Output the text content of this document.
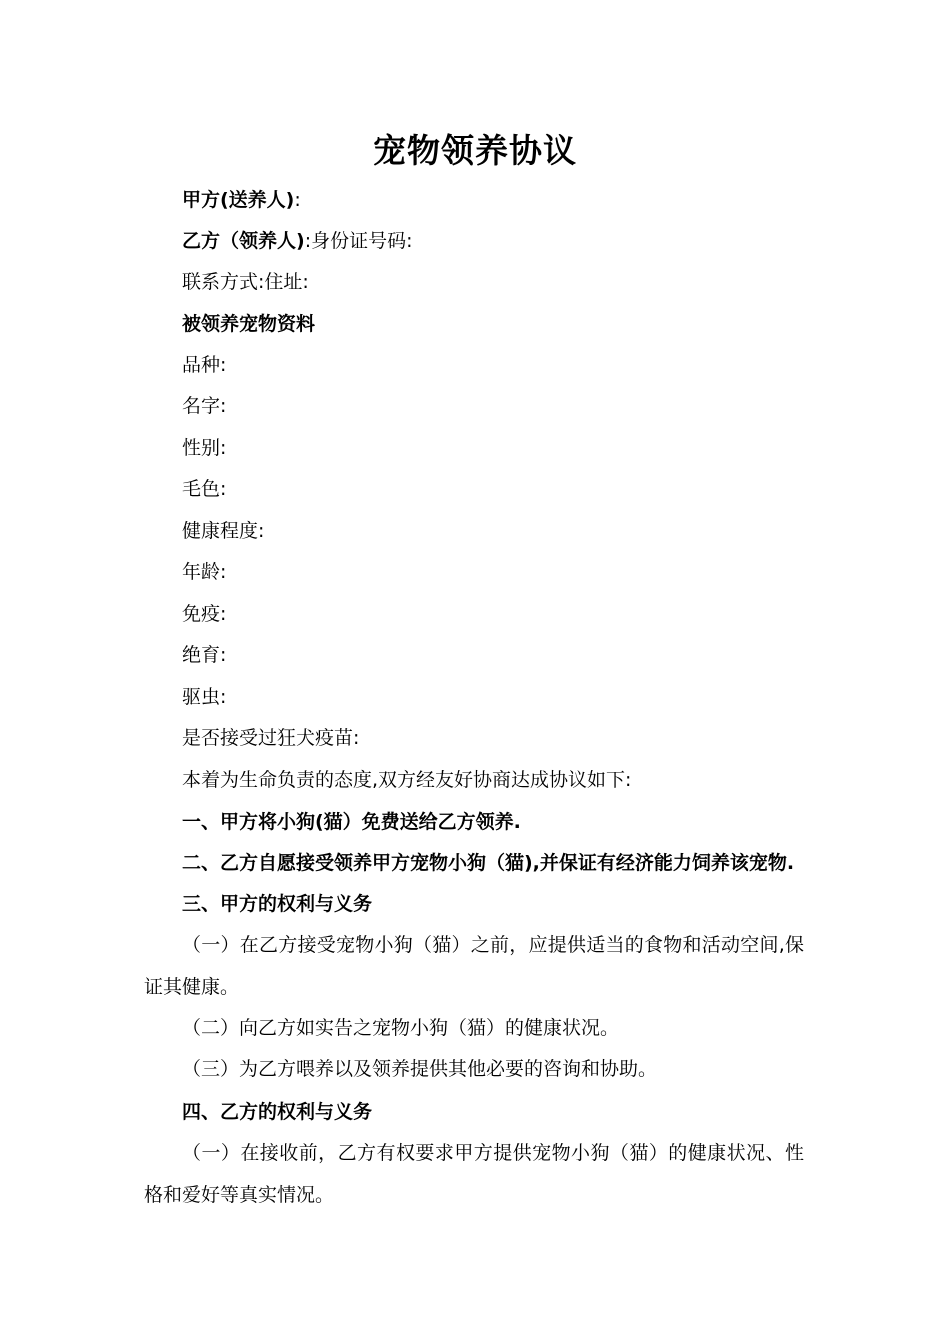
宠物领养协议
甲方(送养人):
乙方（领养人):身份证号码:
联系方式:住址:
被领养宠物资料
品种:
名字:
性别:
毛色:
健康程度:
年龄:
免疫:
绝育:
驱虫:
是否接受过狂犬疫苗:
本着为生命负责的态度,双方经友好协商达成协议如下:
一、甲方将小狗(猫）免费送给乙方领养.
二、乙方自愿接受领养甲方宠物小狗（猫),并保证有经济能力饲养该宠物.
三、甲方的权利与义务
（一）在乙方接受宠物小狗（猫）之前，应提供适当的食物和活动空间,保证其健康。
（二）向乙方如实告之宠物小狗（猫）的健康状况。
（三）为乙方喂养以及领养提供其他必要的咨询和协助。
四、乙方的权利与义务
（一）在接收前，乙方有权要求甲方提供宠物小狗（猫）的健康状况、性格和爱好等真实情况。
